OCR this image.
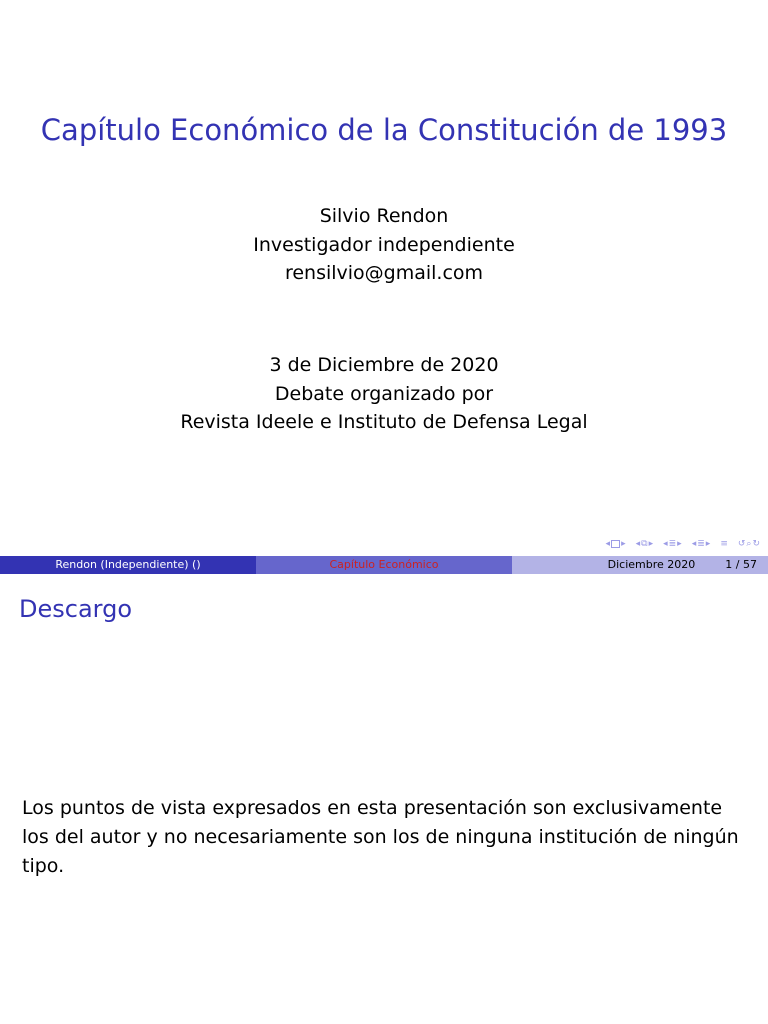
Capítulo Económico de la Constitución de 1993
Silvio Rendon
Investigador independiente
rensilvio@gmail.com
3 de Diciembre de 2020
Debate organizado por
Revista Ideele e Instituto de Defensa Legal
◂ ▸ ◂ ⧉ ▸ ◂ ≣ ▸ ◂ ≣ ▸ ≡ ↺ ⌕ ↻
Rendon (Independiente) ()	Capítulo Económico	Diciembre 2020	1 / 57
Descargo
Los puntos de vista expresados en esta presentación son exclusivamente los del autor y no necesariamente son los de ninguna institución de ningún tipo.
